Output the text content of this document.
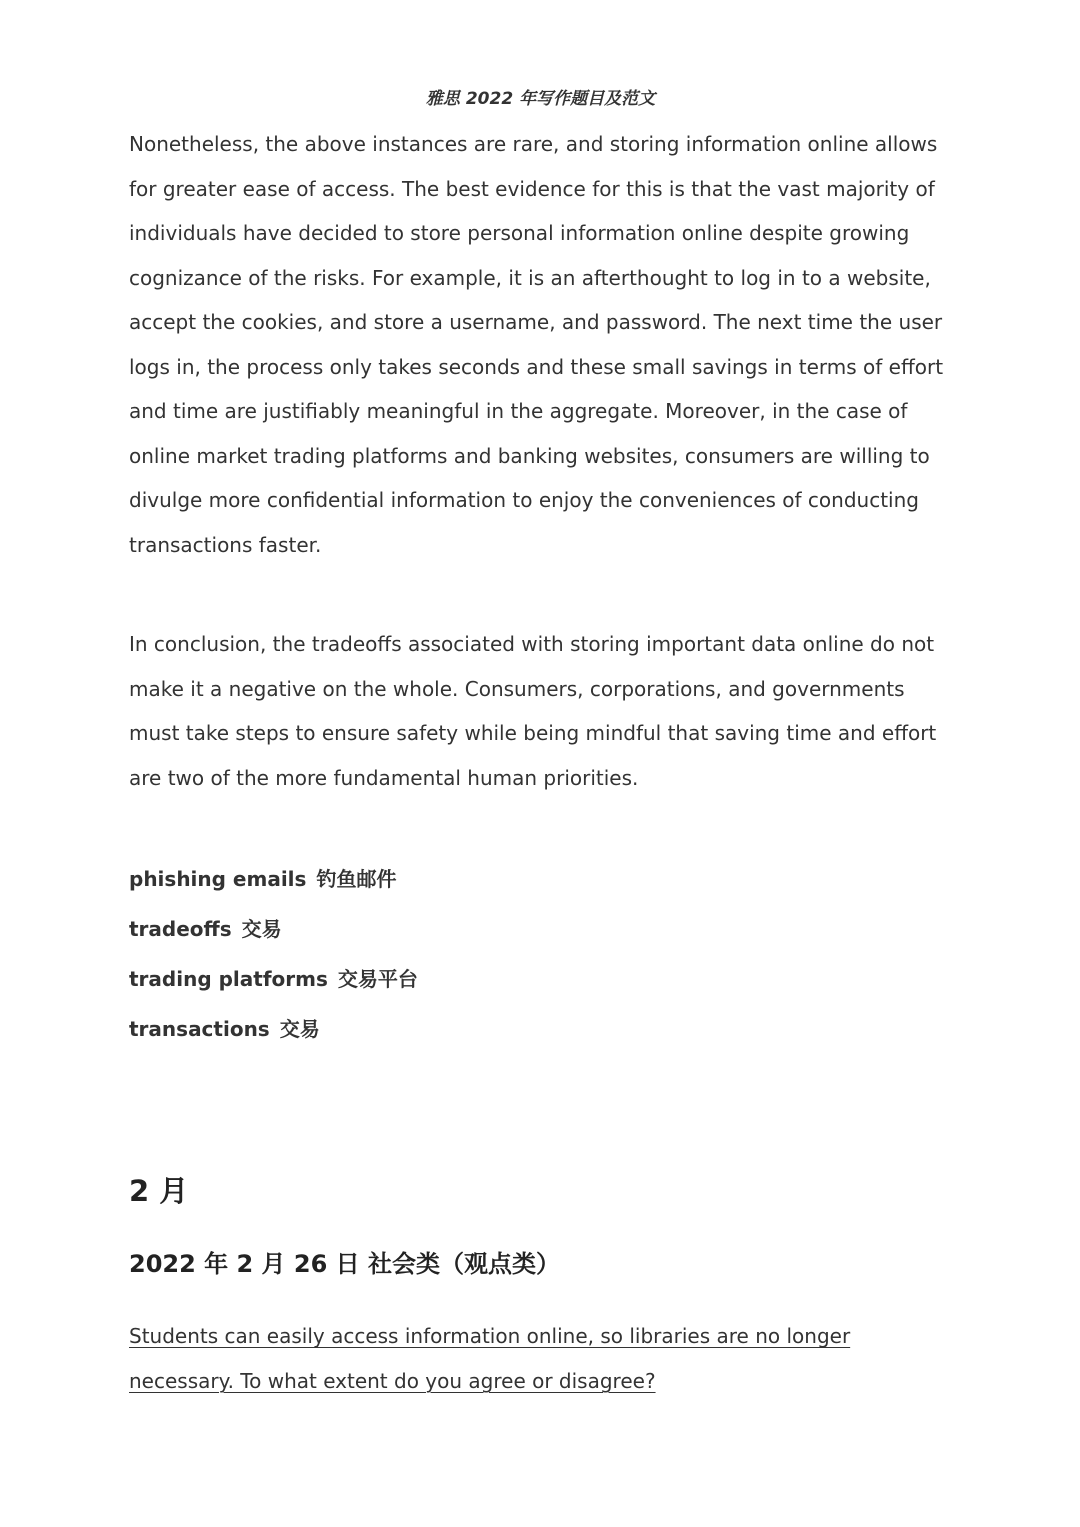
雅思 2022 年写作题目及范文

Nonetheless, the above instances are rare, and storing information online allows for greater ease of access. The best evidence for this is that the vast majority of individuals have decided to store personal information online despite growing cognizance of the risks. For example, it is an afterthought to log in to a website, accept the cookies, and store a username, and password. The next time the user logs in, the process only takes seconds and these small savings in terms of effort and time are justifiably meaningful in the aggregate. Moreover, in the case of online market trading platforms and banking websites, consumers are willing to divulge more confidential information to enjoy the conveniences of conducting transactions faster.

In conclusion, the tradeoffs associated with storing important data online do not make it a negative on the whole. Consumers, corporations, and governments must take steps to ensure safety while being mindful that saving time and effort are two of the more fundamental human priorities.

phishing emails 钓鱼邮件
tradeoffs 交易
trading platforms 交易平台
transactions 交易
2 月
2022 年 2 月 26 日 社会类（观点类）

Students can easily access information online, so libraries are no longer necessary. To what extent do you agree or disagree?
